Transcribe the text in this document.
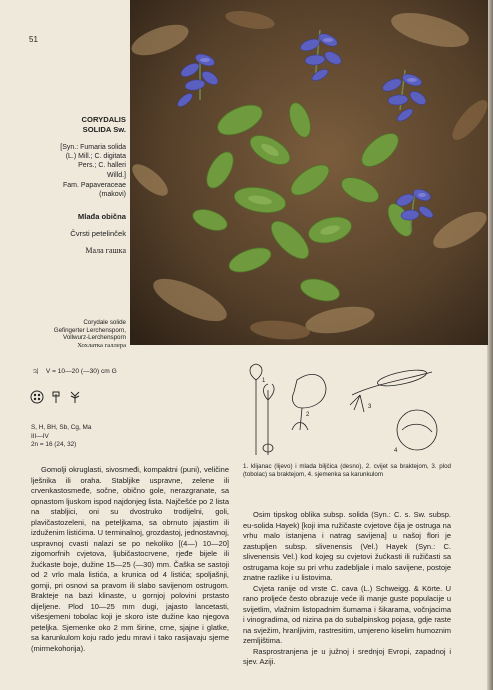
51
CORYDALIS
SOLIDA Sw.
[Syn.: Fumaria solida
(L.) Mill.; C. digitata
Pers.; C. halleri
Willd.]
Fam. Papaveraceae
(makovi)
Mlađa obična
Čvrsti petelinček
Мала гашка
Corydale solide
Gefingerter Lerchensporn,
Vollwurz-Lerchensporn
Хохлатка галлера
♃ V = 10—20 (—30) cm G
S, H, BH, Sb, Cg, Ma
III—IV
2n = 16 (24, 32)
Gomolji okruglasti, sivosmeđi, kompaktni (puni), veličine lješnika ili oraha. Stabljike uspravne, zelene ili crvenkastosmeđe, sočne, obično gole, nerazgranate, sa opnastom ljuskom ispod najdonjeg lista. Najčešće po 2 lista na stabljici, oni su dvostruko trodijelni, goli, plavičastozeleni, na peteljkama, sa obrnuto jajastim ili izduženim listićima. U terminalnoj, grozdastoj, jednostavnoj, uspravnoj cvasti nalazi se po nekoliko [(4—) 10—20] zigomorfnih cvjetova, ljubičastocrvene, rjeđe bijele ili žućkaste boje, dužine 15—25 (—30) mm. Čaška se sastoji od 2 vrlo mala listića, a krunica od 4 listića; spoljašnji, gornji, pri osnovi sa pravom ili slabo savijenom ostrugom. Brakteje na bazi klinaste, u gornjoj polovini prstasto dijeljene. Plod 10—25 mm dugi, jajasto lancetasti, višesjemeni tobolac koji je skoro iste dužine kao njegova peteljka. Sjemenke oko 2 mm širine, crne, sjajne i glatke, sa karunkulom koju rado jedu mravi i tako rasijavaju sjeme (mirmekohorija).
1
2
3
4
1. klijanac (lijevo) i mlada biljčica (desno), 2. cvijet sa brakteјom, 3. plod (tobolac) sa brakteјom, 4. sjemenka sa karunkulom

Osim tipskog oblika subsp. solida (Syn.: C. s. Sw. subsp. eu-solida Hayek) [koji ima ružičaste cvjetove čija je ostruga na vrhu malo istanjena i natrag savijena] u našoj flori je zastupljen subsp. slivenensis (Vel.) Hayek (Syn.: C. slivenensis Vel.) kod kojeg su cvjetovi žućkasti ili ružičasti sa ostrugama koje su pri vrhu zadebljale i malo savijene, postoje znatne razlike i u listovima.

Cvjeta ranije od vrste C. cava (L.) Schweigg. & Körte. U rano proljeće često obrazuje veće ili manje guste populacije u svijetlim, vlažnim listopadnim šumama i šikarama, vočnjacima i vinogradima, od nizina pa do subalpinskog pojasa, gdje raste na svježim, hranljivim, rastresitim, umjereno kiselim humoznim zemljištima.

Rasprostranjena je u južnoj i srednjoj Evropi, zapadnoj i sjev. Aziji.
